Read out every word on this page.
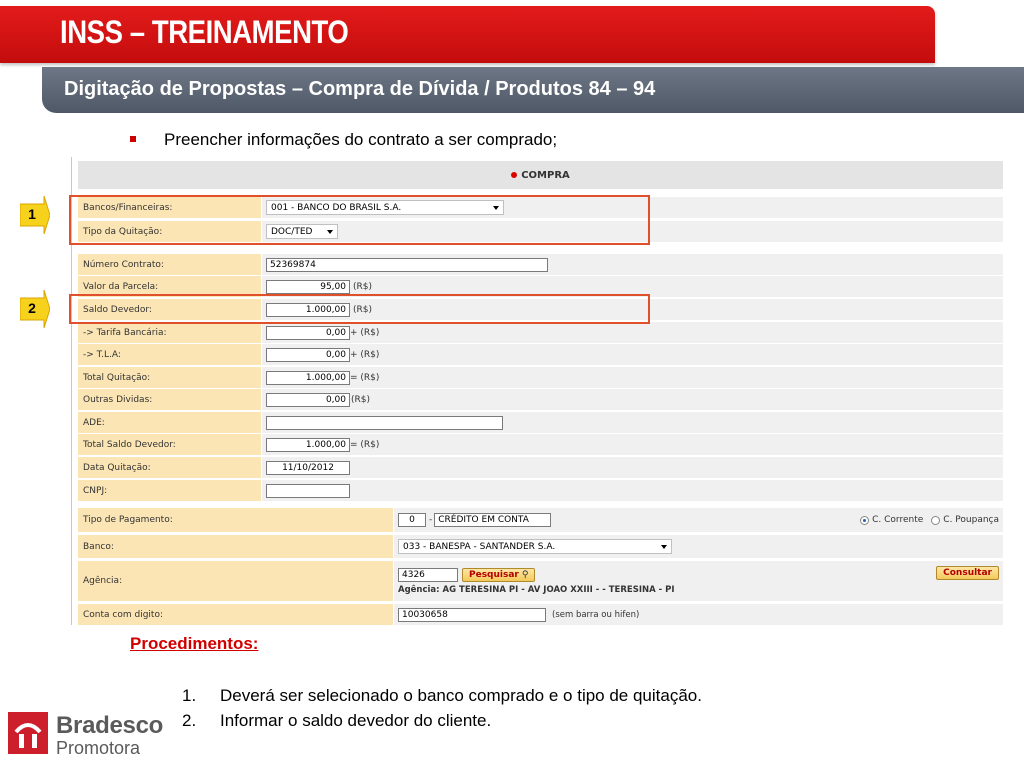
INSS – TREINAMENTO
Digitação de Propostas – Compra de Dívida / Produtos 84 – 94
Preencher informações do contrato a ser comprado;
COMPRA
Bancos/Financeiras:	001 - BANCO DO BRASIL S.A.
Tipo da Quitação:	DOC/TED
Número Contrato:	52369874
Valor da Parcela:	95,00 (R$)
Saldo Devedor:	1.000,00 (R$)
-> Tarifa Bancária:	0,00 + (R$)
-> T.L.A:	0,00 + (R$)
Total Quitação:	1.000,00 = (R$)
Outras Dividas:	0,00 (R$)
ADE:
Total Saldo Devedor:	1.000,00 = (R$)
Data Quitação:	11/10/2012
CNPJ:
Tipo de Pagamento:	0	- CRÉDITO EM CONTA	C. Corrente C. Poupança
Banco:	033 - BANESPA - SANTANDER S.A.
Agência:
4326	Pesquisar ⚲
Agência: AG TERESINA PI - AV JOAO XXIII - - TERESINA - PI
Consultar
Conta com digito:	10030658	(sem barra ou hifen)
1
2
Procedimentos:
1. Deverá ser selecionado o banco comprado e o tipo de quitação.
2. Informar o saldo devedor do cliente.
Bradesco
Promotora
